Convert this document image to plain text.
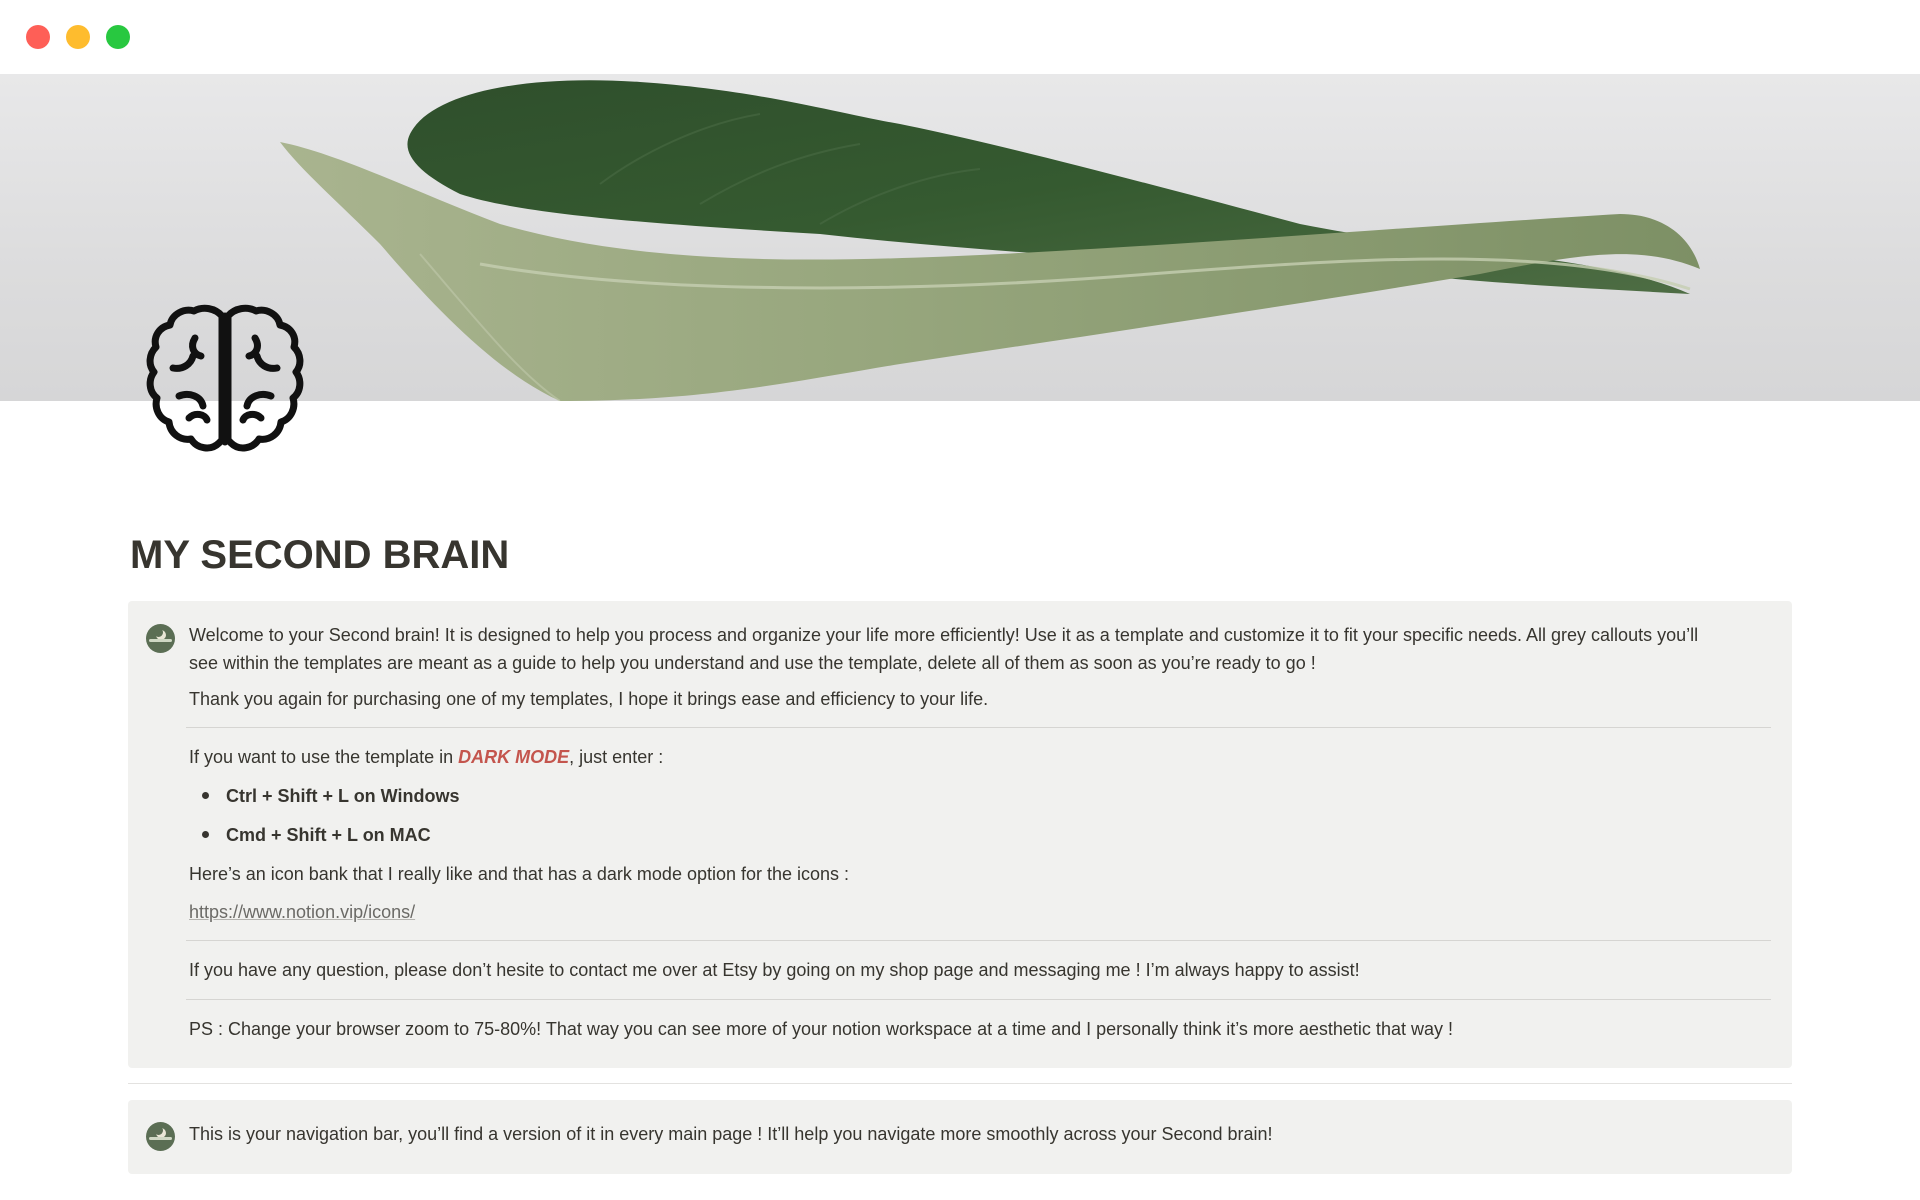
MY SECOND BRAIN

Welcome to your Second brain! It is designed to help you process and organize your life more efficiently! Use it as a template and customize it to fit your specific needs. All grey callouts you’ll see within the templates are meant as a guide to help you understand and use the template, delete all of them as soon as you’re ready to go !

Thank you again for purchasing one of my templates, I hope it brings ease and efficiency to your life.

If you want to use the template in DARK MODE, just enter :

Ctrl + Shift + L on Windows

Cmd + Shift + L on MAC

Here’s an icon bank that I really like and that has a dark mode option for the icons :

https://www.notion.vip/icons/

If you have any question, please don’t hesite to contact me over at Etsy by going on my shop page and messaging me ! I’m always happy to assist!

PS : Change your browser zoom to 75-80%! That way you can see more of your notion workspace at a time and I personally think it’s more aesthetic that way !

This is your navigation bar, you’ll find a version of it in every main page ! It’ll help you navigate more smoothly across your Second brain!
